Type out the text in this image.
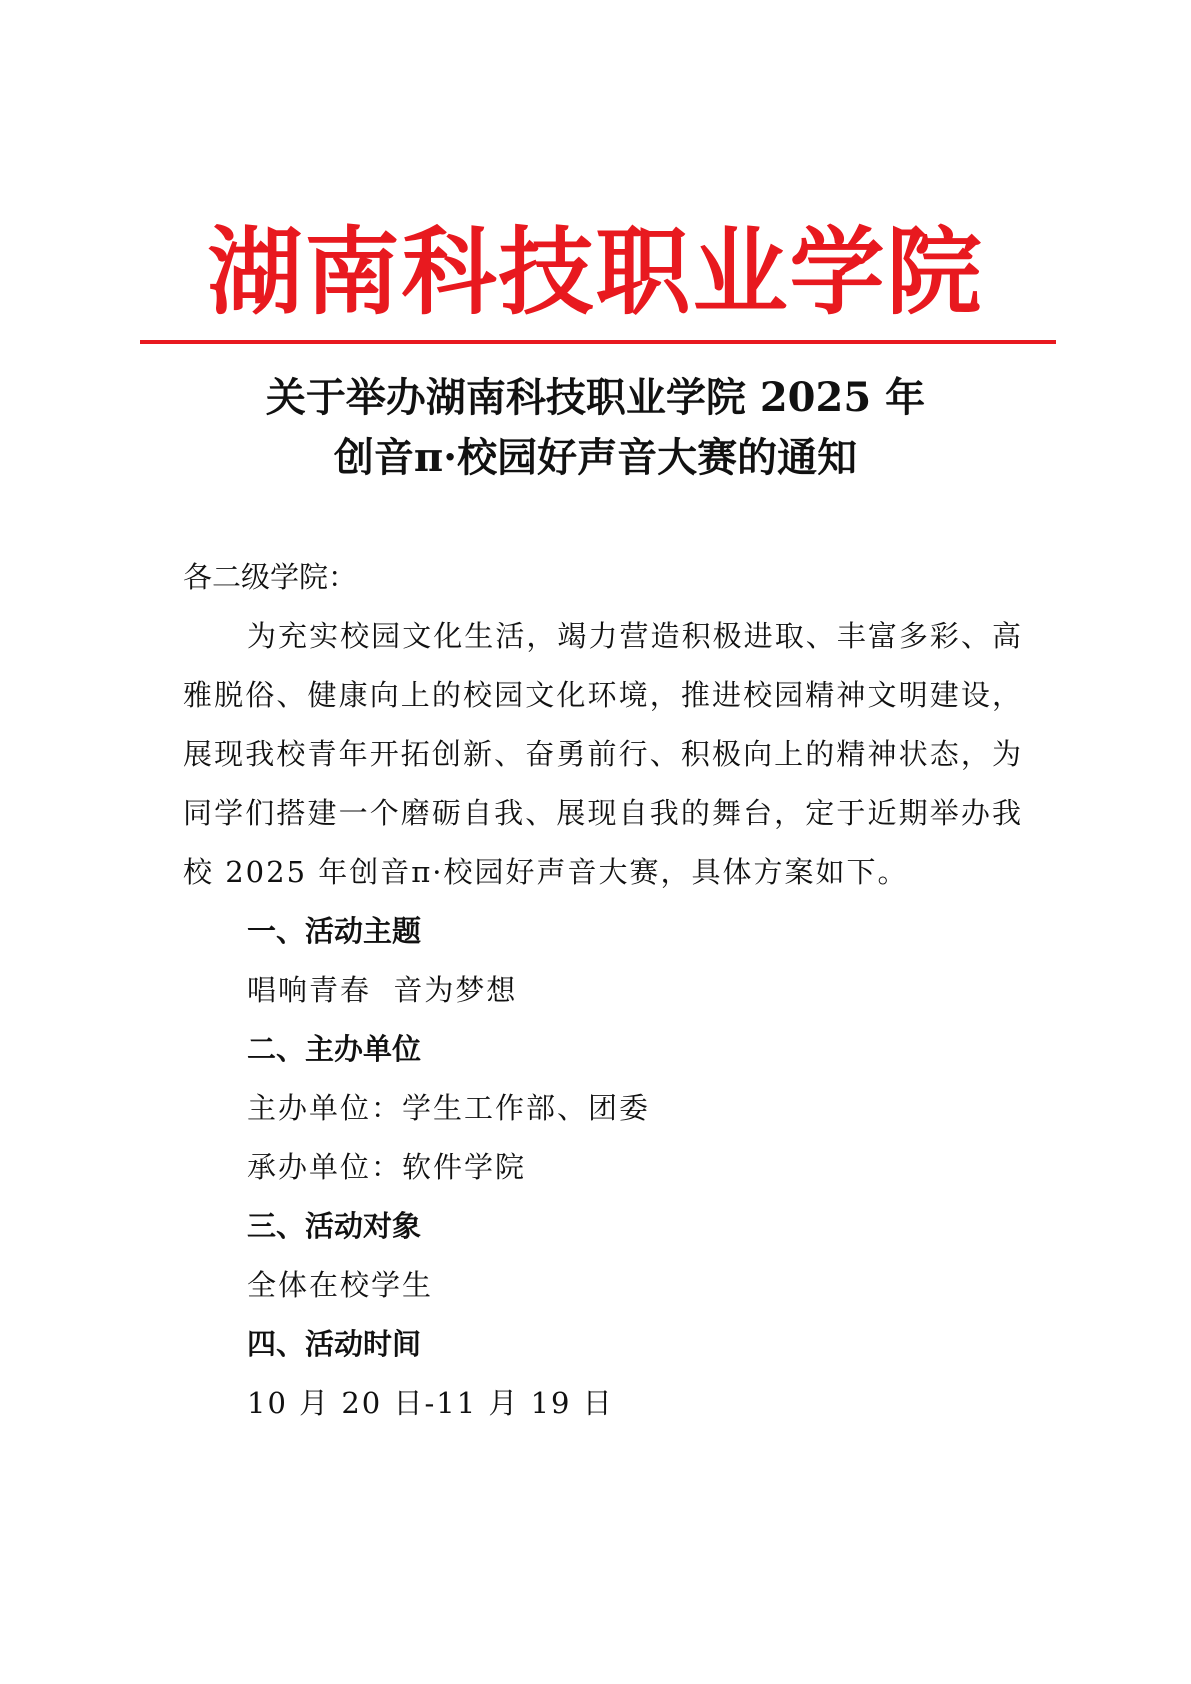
湖南科技职业学院
关于举办湖南科技职业学院 2025 年
创音π·校园好声音大赛的通知
各二级学院：
为充实校园文化生活，竭力营造积极进取、丰富多彩、高雅脱俗、健康向上的校园文化环境，推进校园精神文明建设，展现我校青年开拓创新、奋勇前行、积极向上的精神状态，为同学们搭建一个磨砺自我、展现自我的舞台，定于近期举办我校 2025 年创音π·校园好声音大赛，具体方案如下。
一、活动主题
唱响青春  音为梦想
二、主办单位
主办单位：学生工作部、团委
承办单位：软件学院
三、活动对象
全体在校学生
四、活动时间
10 月 20 日-11 月 19 日
